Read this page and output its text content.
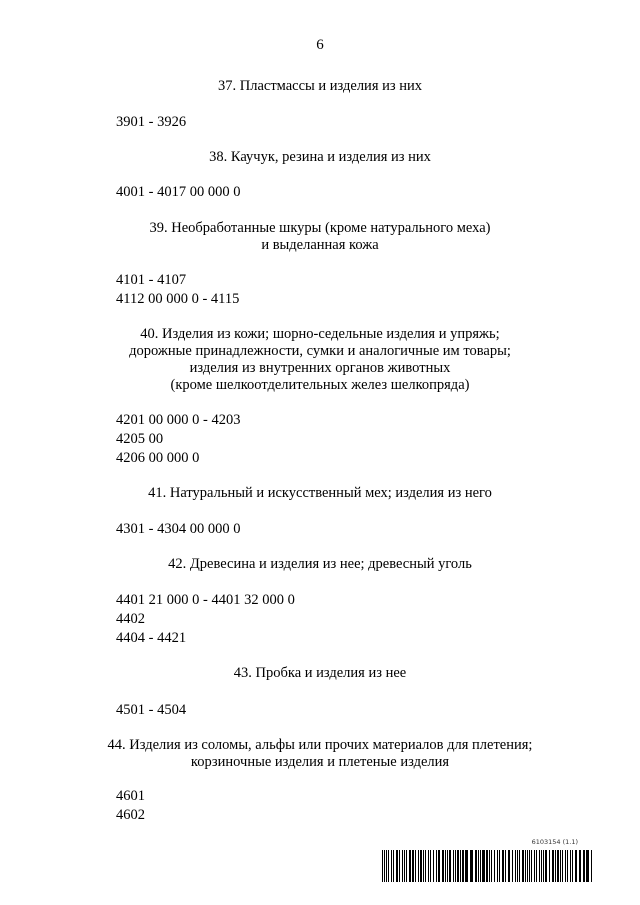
6
37. Пластмассы и изделия из них
3901 - 3926
38. Каучук, резина и изделия из них
4001 - 4017 00 000 0
39. Необработанные шкуры (кроме натурального меха)
и выделанная кожа
4101 - 4107
4112 00 000 0 - 4115
40. Изделия из кожи; шорно-седельные изделия и упряжь;
дорожные принадлежности, сумки и аналогичные им товары;
изделия из внутренних органов животных
(кроме шелкоотделительных желез шелкопряда)
4201 00 000 0 - 4203
4205 00
4206 00 000 0
41. Натуральный и искусственный мех; изделия из него
4301 - 4304 00 000 0
42. Древесина и изделия из нее; древесный уголь
4401 21 000 0 - 4401 32 000 0
4402
4404 - 4421
43. Пробка и изделия из нее
4501 - 4504
44. Изделия из соломы, альфы или прочих материалов для плетения;
корзиночные изделия и плетеные изделия
4601
4602
6103154 (1.1)
